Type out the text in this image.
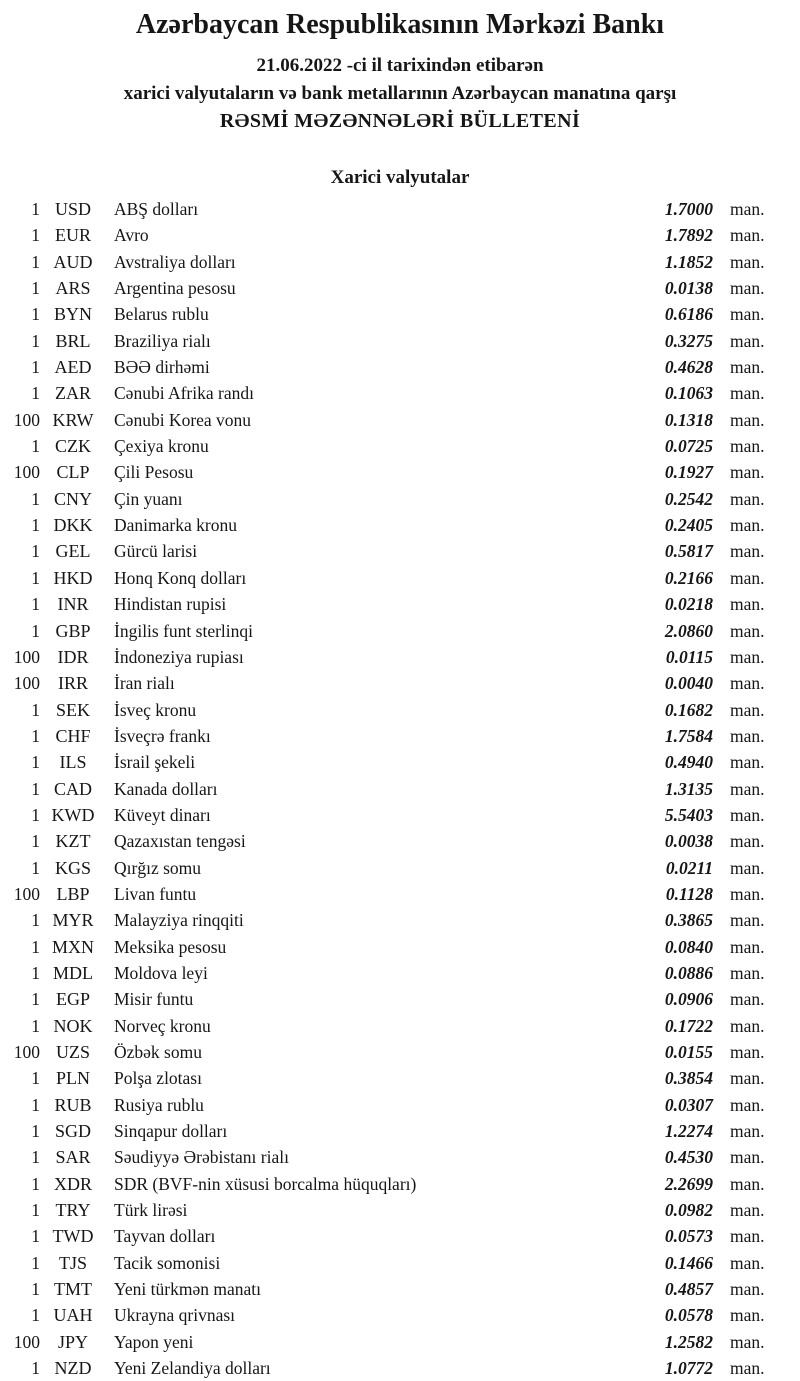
Azərbaycan Respublikasının Mərkəzi Bankı
21.06.2022 -ci il tarixindən etibarən
xarici valyutaların və bank metallarının Azərbaycan manatına qarşı
RƏSMİ MƏZƏNNƏLƏRİ BÜLLETENİ
Xarici valyutalar
1 USD	ABŞ dolları	1.7000 man.
1 EUR	Avro	1.7892 man.
1 AUD	Avstraliya dolları	1.1852 man.
1 ARS	Argentina pesosu	0.0138 man.
1 BYN	Belarus rublu	0.6186 man.
1 BRL	Braziliya rialı	0.3275 man.
1 AED	BƏƏ dirhəmi	0.4628 man.
1 ZAR	Cənubi Afrika randı	0.1063 man.
100 KRW	Cənubi Korea vonu	0.1318 man.
1 CZK	Çexiya kronu	0.0725 man.
100 CLP	Çili Pesosu	0.1927 man.
1 CNY	Çin yuanı	0.2542 man.
1 DKK	Danimarka kronu	0.2405 man.
1 GEL	Gürcü larisi	0.5817 man.
1 HKD	Honq Konq dolları	0.2166 man.
1 INR	Hindistan rupisi	0.0218 man.
1 GBP	İngilis funt sterlinqi	2.0860 man.
100 IDR	İndoneziya rupiası	0.0115 man.
100 IRR	İran rialı	0.0040 man.
1 SEK	İsveç kronu	0.1682 man.
1 CHF	İsveçrə frankı	1.7584 man.
1	ILS	İsrail şekeli	0.4940 man.
1 CAD	Kanada dolları	1.3135 man.
1 KWD	Küveyt dinarı	5.5403 man.
1 KZT	Qazaxıstan tengəsi	0.0038 man.
1 KGS	Qırğız somu	0.0211 man.
100 LBP	Livan funtu	0.1128 man.
1 MYR	Malayziya rinqqiti	0.3865 man.
1 MXN	Meksika pesosu	0.0840 man.
1 MDL	Moldova leyi	0.0886 man.
1 EGP	Misir funtu	0.0906 man.
1 NOK	Norveç kronu	0.1722 man.
100 UZS	Özbək somu	0.0155 man.
1 PLN	Polşa zlotası	0.3854 man.
1 RUB	Rusiya rublu	0.0307 man.
1 SGD	Sinqapur dolları	1.2274 man.
1 SAR	Səudiyyə Ərəbistanı rialı	0.4530 man.
1 XDR	SDR (BVF-nin xüsusi borcalma hüquqları)	2.2699 man.
1 TRY	Türk lirəsi	0.0982 man.
1 TWD	Tayvan dolları	0.0573 man.
1	TJS	Tacik somonisi	0.1466 man.
1 TMT	Yeni türkmən manatı	0.4857 man.
1 UAH	Ukrayna qrivnası	0.0578 man.
100 JPY	Yapon yeni	1.2582 man.
1 NZD	Yeni Zelandiya dolları	1.0772 man.
